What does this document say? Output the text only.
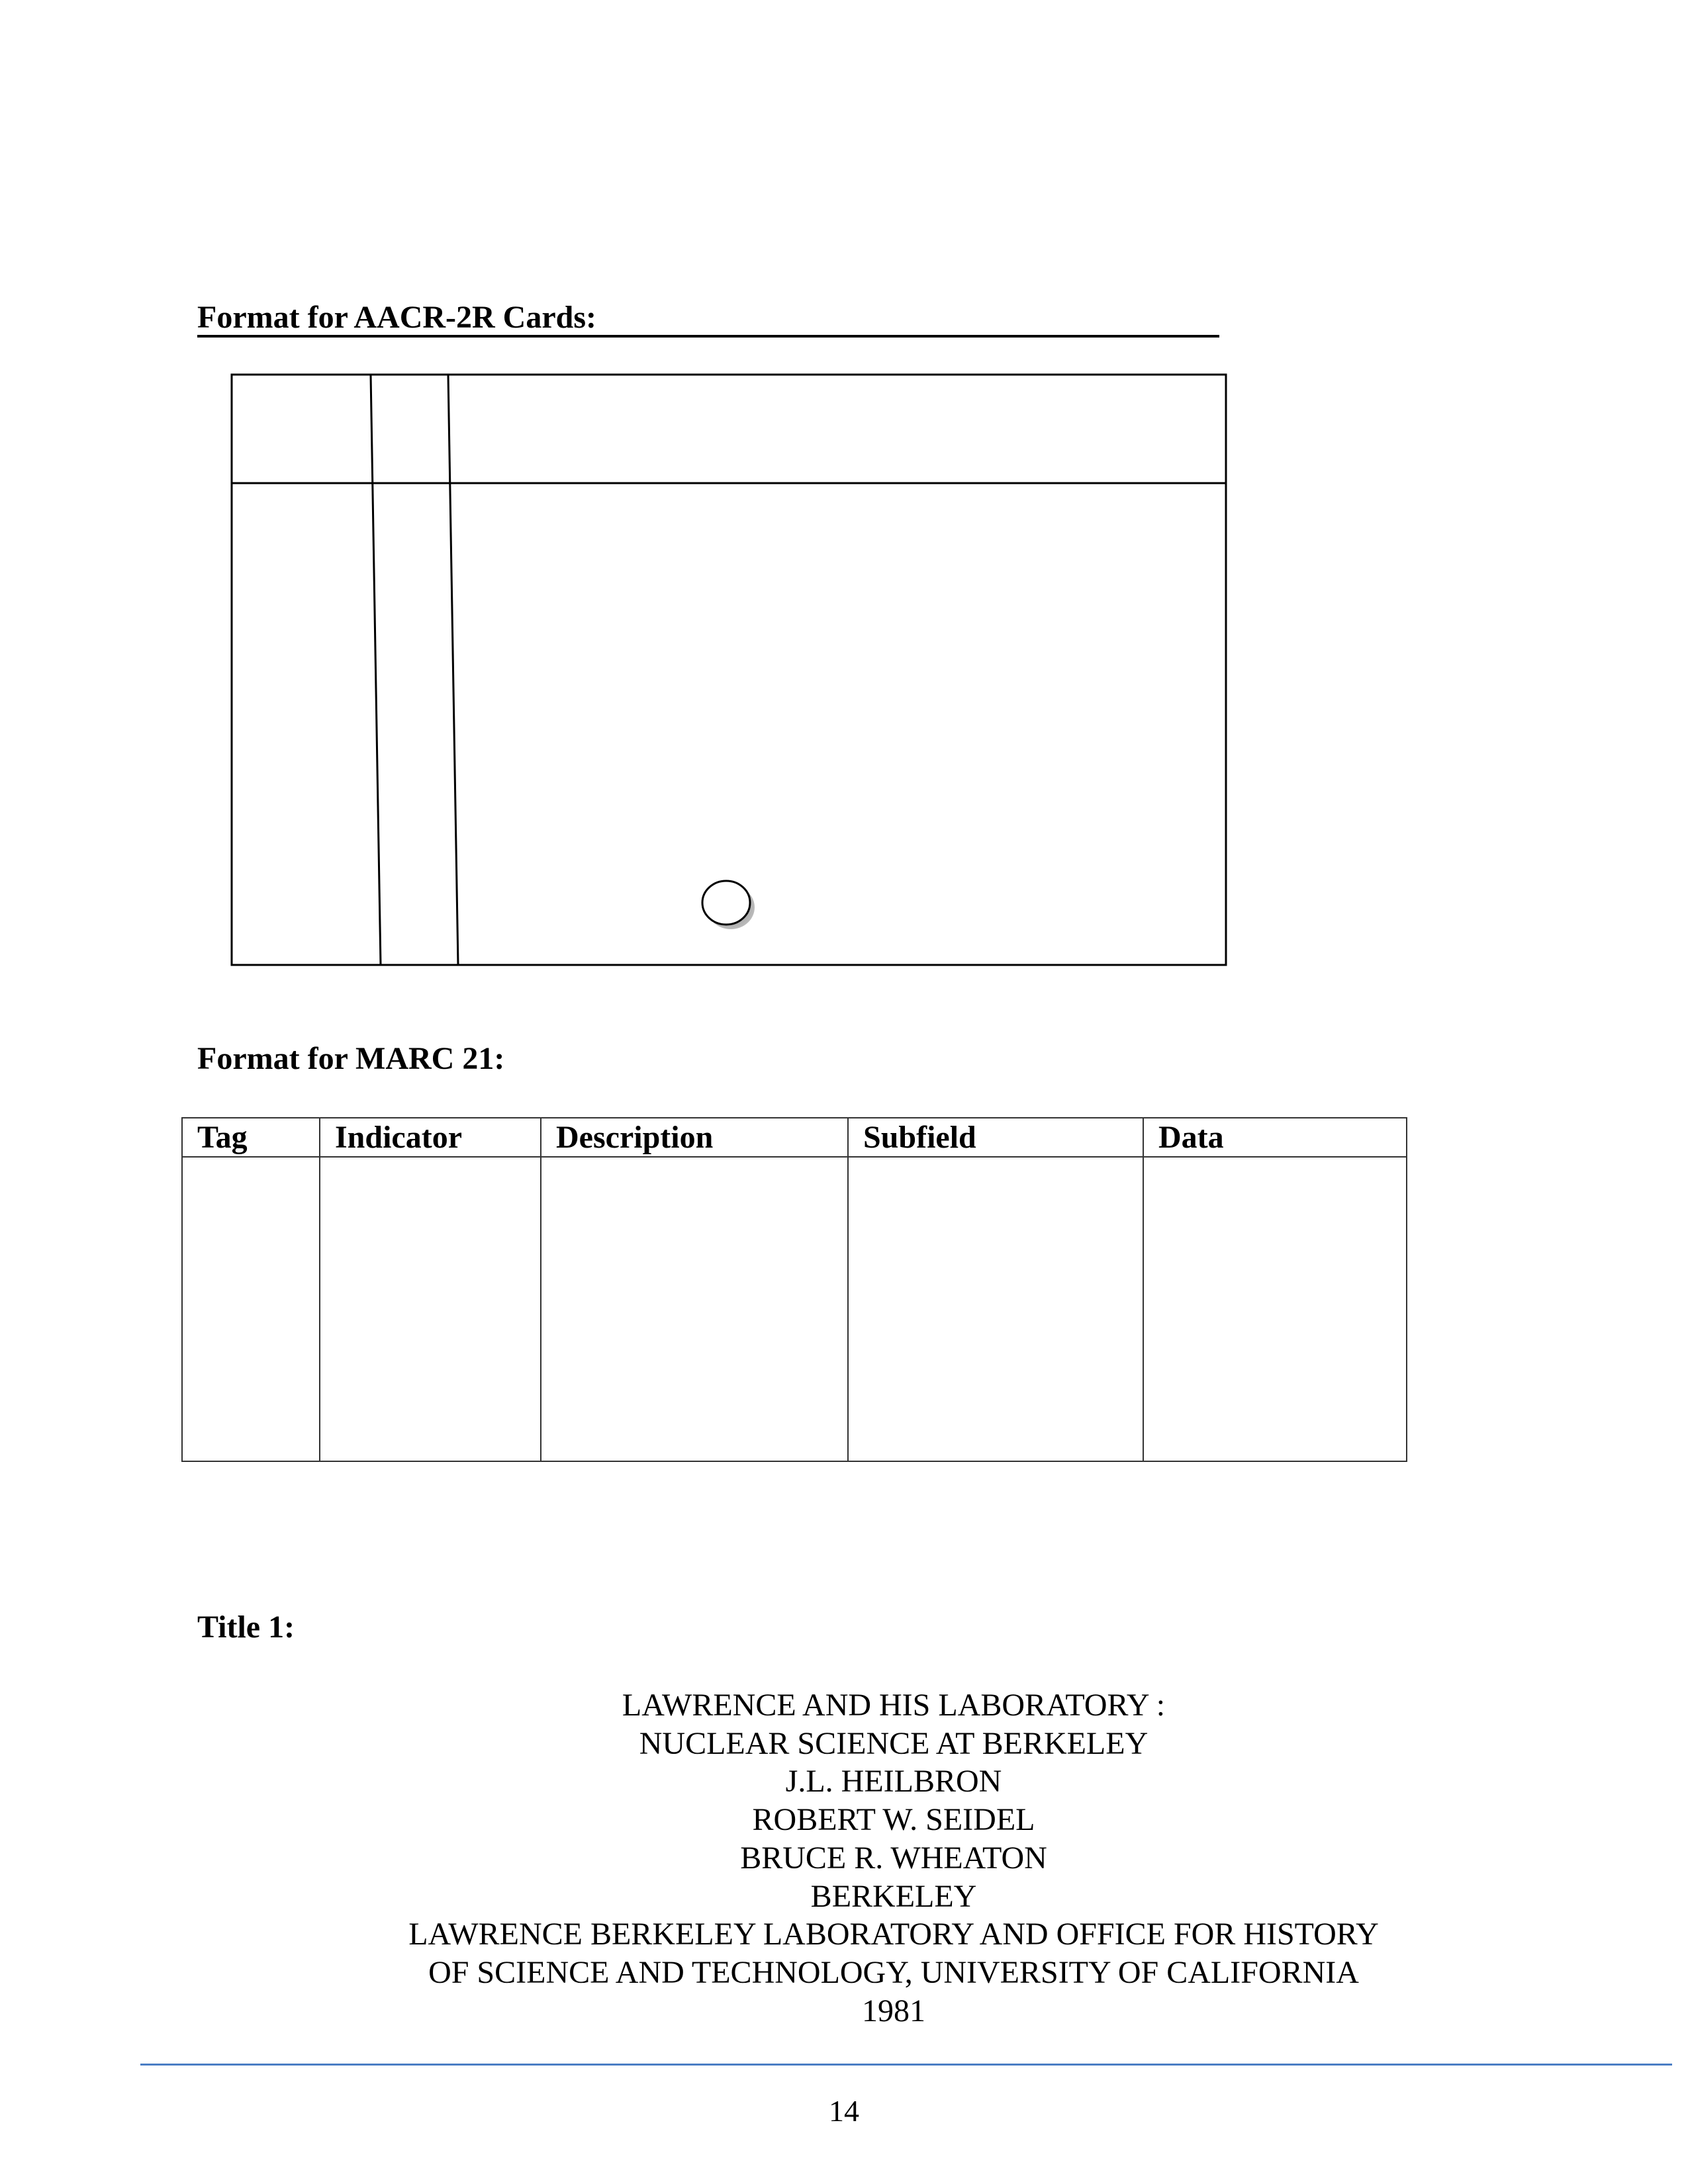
Format for AACR-2R Cards:
Format for MARC 21:
Tag	Indicator	Description	Subfield	Data

Title 1:
LAWRENCE AND HIS LABORATORY :
NUCLEAR SCIENCE AT BERKELEY
J.L. HEILBRON
ROBERT W. SEIDEL
BRUCE R. WHEATON
BERKELEY
LAWRENCE BERKELEY LABORATORY AND OFFICE FOR HISTORY
OF SCIENCE AND TECHNOLOGY, UNIVERSITY OF CALIFORNIA
1981
14
